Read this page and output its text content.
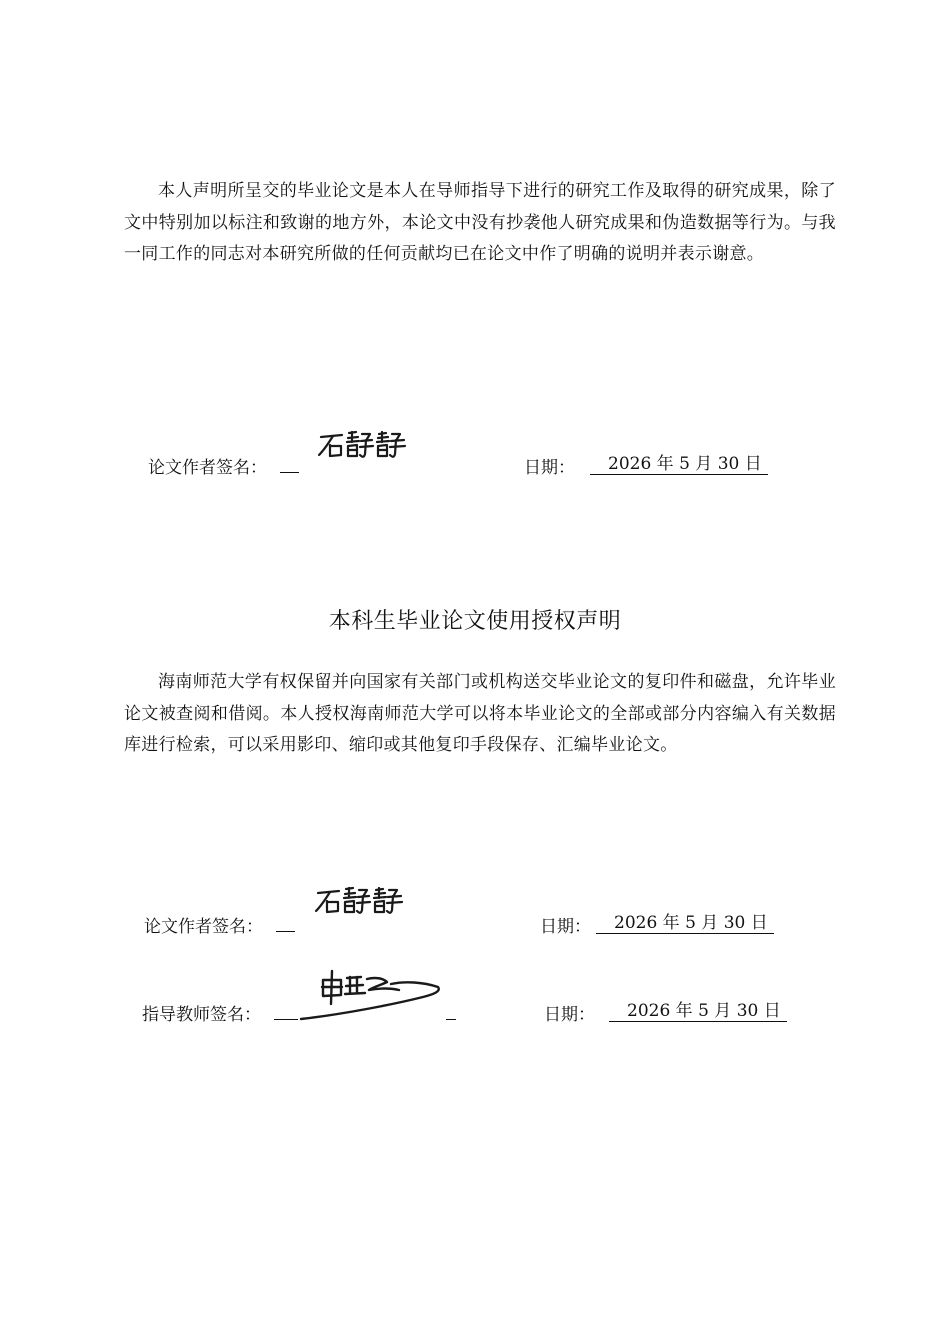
本人声明所呈交的毕业论文是本人在导师指导下进行的研究工作及取得的研究成果，除了文中特别加以标注和致谢的地方外，本论文中没有抄袭他人研究成果和伪造数据等行为。与我一同工作的同志对本研究所做的任何贡献均已在论文中作了明确的说明并表示谢意。

论文作者签名：	日期：	2026 年 5 月 30 日
本科生毕业论文使用授权声明

海南师范大学有权保留并向国家有关部门或机构送交毕业论文的复印件和磁盘，允许毕业论文被查阅和借阅。本人授权海南师范大学可以将本毕业论文的全部或部分内容编入有关数据库进行检索，可以采用影印、缩印或其他复印手段保存、汇编毕业论文。

论文作者签名：	日期：	2026 年 5 月 30 日
指导教师签名：	日期：	2026 年 5 月 30 日
